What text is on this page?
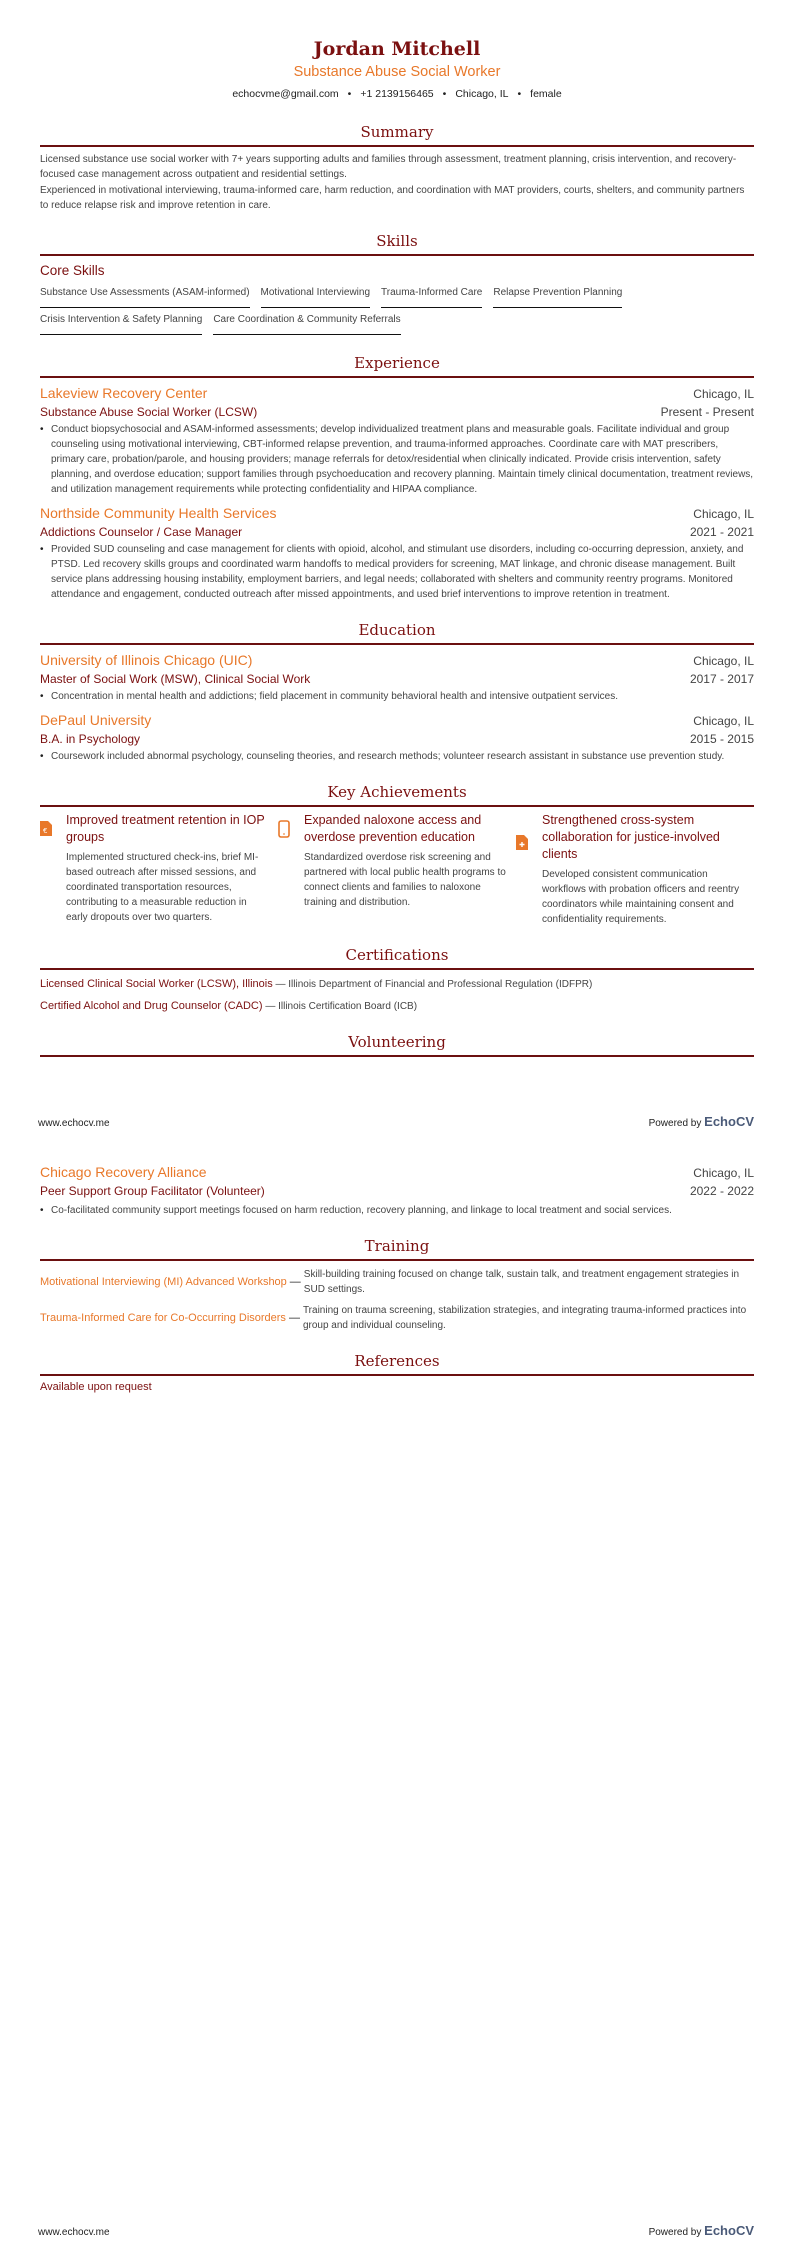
Jordan Mitchell
Substance Abuse Social Worker
echocvme@gmail.com • +1 2139156465 • Chicago, IL • female
Summary

Licensed substance use social worker with 7+ years supporting adults and families through assessment, treatment planning, crisis intervention, and recovery-focused case management across outpatient and residential settings.

Experienced in motivational interviewing, trauma-informed care, harm reduction, and coordination with MAT providers, courts, shelters, and community partners to reduce relapse risk and improve retention in care.

Skills
Core Skills
Substance Use Assessments (ASAM-informed) Motivational Interviewing Trauma-Informed Care Relapse Prevention Planning
Crisis Intervention & Safety Planning Care Coordination & Community Referrals
Experience
Lakeview Recovery Center	Chicago, IL
Substance Abuse Social Worker (LCSW)	Present - Present
• Conduct biopsychosocial and ASAM-informed assessments; develop individualized treatment plans and measurable goals. Facilitate individual and group counseling using motivational interviewing, CBT-informed relapse prevention, and trauma-informed approaches. Coordinate care with MAT prescribers, primary care, probation/parole, and housing providers; manage referrals for detox/residential when clinically indicated. Provide crisis intervention, safety planning, and overdose education; support families through psychoeducation and recovery planning. Maintain timely clinical documentation, treatment reviews, and utilization management requirements while protecting confidentiality and HIPAA compliance.
Northside Community Health Services	Chicago, IL
Addictions Counselor / Case Manager	2021 - 2021
• Provided SUD counseling and case management for clients with opioid, alcohol, and stimulant use disorders, including co-occurring depression, anxiety, and PTSD. Led recovery skills groups and coordinated warm handoffs to medical providers for screening, MAT linkage, and chronic disease management. Built service plans addressing housing instability, employment barriers, and legal needs; collaborated with shelters and community reentry programs. Monitored attendance and engagement, conducted outreach after missed appointments, and used brief interventions to improve retention in treatment.
Education
University of Illinois Chicago (UIC)	Chicago, IL
Master of Social Work (MSW), Clinical Social Work	2017 - 2017
• Concentration in mental health and addictions; field placement in community behavioral health and intensive outpatient services.
DePaul University	Chicago, IL
B.A. in Psychology	2015 - 2015
• Coursework included abnormal psychology, counseling theories, and research methods; volunteer research assistant in substance use prevention study.
Key Achievements
€
Improved treatment retention in IOP groups
Implemented structured check-ins, brief MI-based outreach after missed sessions, and coordinated transportation resources, contributing to a measurable reduction in early dropouts over two quarters.
Expanded naloxone access and overdose prevention education
Standardized overdose risk screening and partnered with local public health programs to connect clients and families to naloxone training and distribution.
Strengthened cross-system collaboration for justice-involved clients
Developed consistent communication workflows with probation officers and reentry coordinators while maintaining consent and confidentiality requirements.
Certifications
Licensed Clinical Social Worker (LCSW), Illinois — Illinois Department of Financial and Professional Regulation (IDFPR)
Certified Alcohol and Drug Counselor (CADC) — Illinois Certification Board (ICB)
Volunteering
www.echocv.me	Powered by EchoCV
Chicago Recovery Alliance	Chicago, IL
Peer Support Group Facilitator (Volunteer)	2022 - 2022
• Co-facilitated community support meetings focused on harm reduction, recovery planning, and linkage to local treatment and social services.
Training
Motivational Interviewing (MI) Advanced Workshop —
Skill-building training focused on change talk, sustain talk, and treatment engagement strategies in SUD settings.
Trauma-Informed Care for Co-Occurring Disorders —
Training on trauma screening, stabilization strategies, and integrating trauma-informed practices into group and individual counseling.
References
Available upon request
www.echocv.me	Powered by EchoCV
